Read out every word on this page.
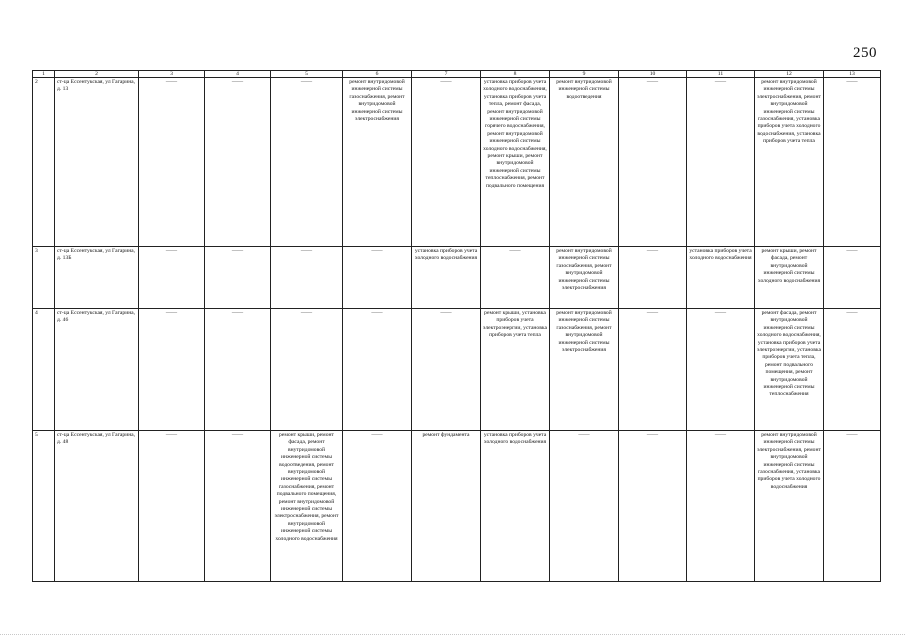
250
1	2	3	4	5	6	7	8	9	10	11	12	13
2	ст-ца Ессентукская, ул Гагарина, д. 13	——	——	——	ремонт внутридомовой инженерной системы газоснабжения, ремонт внутридомовой инженерной системы электроснабжения	——	установка приборов учета холодного водоснабжения, установка приборов учета тепла, ремонт фасада, ремонт внутридомовой инженерной системы горячего водоснабжения, ремонт внутридомовой инженерной системы холодного водоснабжения, ремонт крыши, ремонт внутридомовой инженерной системы теплоснабжения, ремонт подвального помещения	ремонт внутридомовой инженерной системы водоотведения	——	——	ремонт внутридомовой инженерной системы электроснабжения, ремонт внутридомовой инженерной системы газоснабжения, установка приборов учета холодного водоснабжения, установка приборов учета тепла	——
3	ст-ца Ессентукская, ул Гагарина, д. 13Б	——	——	——	——	установка приборов учета холодного водоснабжения	——	ремонт внутридомовой инженерной системы газоснабжения, ремонт внутридомовой инженерной системы электроснабжения	——	установка приборов учета холодного водоснабжения	ремонт крыши, ремонт фасада, ремонт внутридомовой инженерной системы холодного водоснабжения	——
4	ст-ца Ессентукская, ул Гагарина, д. 46	——	——	——	——	——	ремонт крыши, установка приборов учета электроэнергии, установка приборов учета тепла	ремонт внутридомовой инженерной системы газоснабжения, ремонт внутридомовой инженерной системы электроснабжения	——	——	ремонт фасада, ремонт внутридомовой инженерной системы холодного водоснабжения, установка приборов учета электроэнергии, установка приборов учета тепла, ремонт подвального помещения, ремонт внутридомовой инженерной системы теплоснабжения	——
5	ст-ца Ессентукская, ул Гагарина, д. 48	——	——	ремонт крыши, ремонт фасада, ремонт внутридомовой инженерной системы водоотведения, ремонт внутридомовой инженерной системы газоснабжения, ремонт подвального помещения, ремонт внутридомовой инженерной системы электроснабжения, ремонт внутридомовой инженерной системы холодного водоснабжения	——	ремонт фундамента	установка приборов учета холодного водоснабжения	——	——	——	ремонт внутридомовой инженерной системы электроснабжения, ремонт внутридомовой инженерной системы газоснабжения, установка приборов учета холодного водоснабжения	——
